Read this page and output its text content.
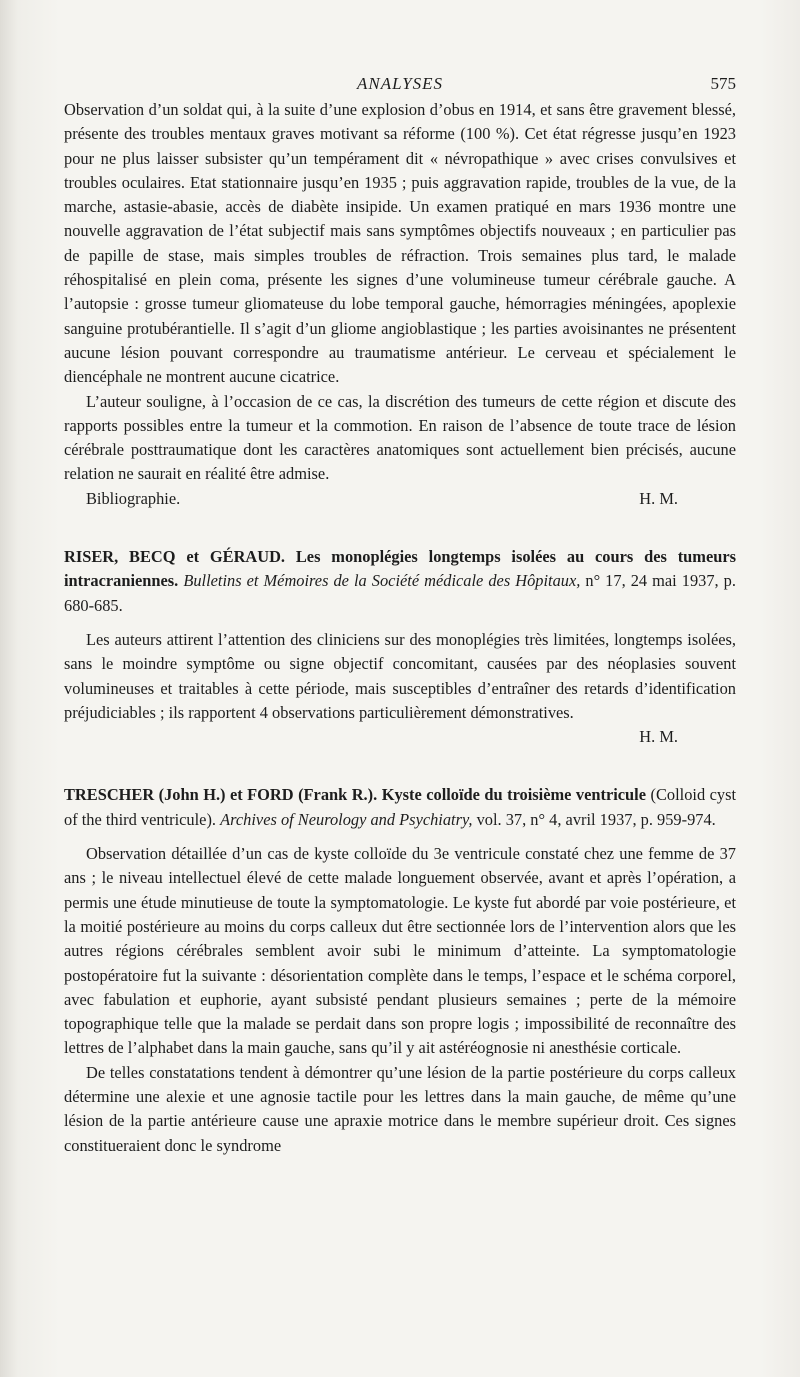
ANALYSES	575

Observation d’un soldat qui, à la suite d’une explosion d’obus en 1914, et sans être gravement blessé, présente des troubles mentaux graves motivant sa réforme (100 %). Cet état régresse jusqu’en 1923 pour ne plus laisser subsister qu’un tempérament dit « névropathique » avec crises convulsives et troubles oculaires. Etat stationnaire jusqu’en 1935 ; puis aggravation rapide, troubles de la vue, de la marche, astasie-abasie, accès de diabète insipide. Un examen pratiqué en mars 1936 montre une nouvelle aggravation de l’état subjectif mais sans symptômes objectifs nouveaux ; en particulier pas de papille de stase, mais simples troubles de réfraction. Trois semaines plus tard, le malade réhospitalisé en plein coma, présente les signes d’une volumineuse tumeur cérébrale gauche. A l’autopsie : grosse tumeur gliomateuse du lobe temporal gauche, hémorragies méningées, apoplexie sanguine protubérantielle. Il s’agit d’un gliome angioblastique ; les parties avoisinantes ne présentent aucune lésion pouvant correspondre au traumatisme antérieur. Le cerveau et spécialement le diencéphale ne montrent aucune cicatrice.

L’auteur souligne, à l’occasion de ce cas, la discrétion des tumeurs de cette région et discute des rapports possibles entre la tumeur et la commotion. En raison de l’absence de toute trace de lésion cérébrale posttraumatique dont les caractères anatomiques sont actuellement bien précisés, aucune relation ne saurait en réalité être admise.

Bibliographie.	H. M.

RISER, BECQ et GÉRAUD. Les monoplégies longtemps isolées au cours des tumeurs intracraniennes. Bulletins et Mémoires de la Société médicale des Hôpitaux, n° 17, 24 mai 1937, p. 680-685.

Les auteurs attirent l’attention des cliniciens sur des monoplégies très limitées, longtemps isolées, sans le moindre symptôme ou signe objectif concomitant, causées par des néoplasies souvent volumineuses et traitables à cette période, mais susceptibles d’entraîner des retards d’identification préjudiciables ; ils rapportent 4 observations particulièrement démonstratives.

H. M.

TRESCHER (John H.) et FORD (Frank R.). Kyste colloïde du troisième ventricule (Colloid cyst of the third ventricule). Archives of Neurology and Psychiatry, vol. 37, n° 4, avril 1937, p. 959-974.

Observation détaillée d’un cas de kyste colloïde du 3e ventricule constaté chez une femme de 37 ans ; le niveau intellectuel élevé de cette malade longuement observée, avant et après l’opération, a permis une étude minutieuse de toute la symptomatologie. Le kyste fut abordé par voie postérieure, et la moitié postérieure au moins du corps calleux dut être sectionnée lors de l’intervention alors que les autres régions cérébrales semblent avoir subi le minimum d’atteinte. La symptomatologie postopératoire fut la suivante : désorientation complète dans le temps, l’espace et le schéma corporel, avec fabulation et euphorie, ayant subsisté pendant plusieurs semaines ; perte de la mémoire topographique telle que la malade se perdait dans son propre logis ; impossibilité de reconnaître des lettres de l’alphabet dans la main gauche, sans qu’il y ait astéréognosie ni anesthésie corticale.

De telles constatations tendent à démontrer qu’une lésion de la partie postérieure du corps calleux détermine une alexie et une agnosie tactile pour les lettres dans la main gauche, de même qu’une lésion de la partie antérieure cause une apraxie motrice dans le membre supérieur droit. Ces signes constitueraient donc le syndrome
